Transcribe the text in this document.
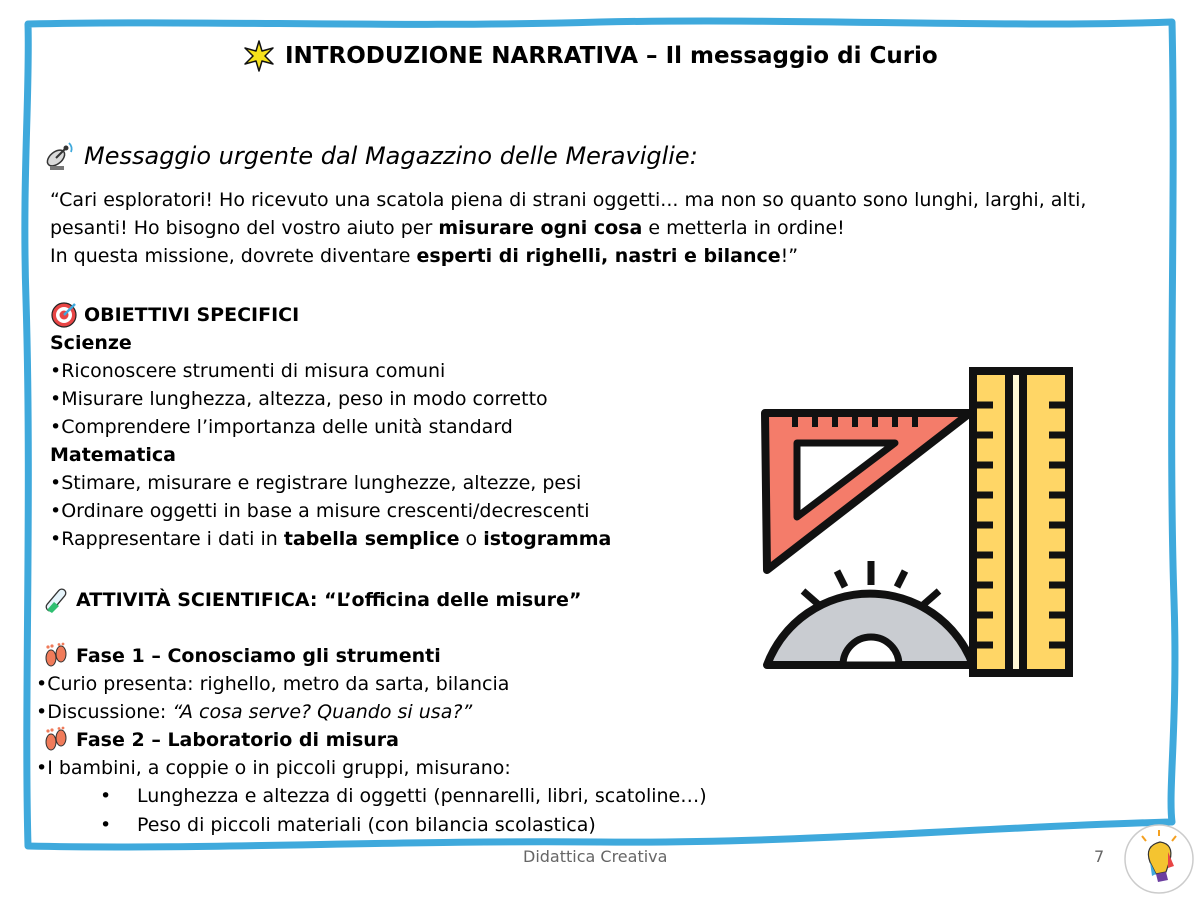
INTRODUZIONE NARRATIVA – Il messaggio di Curio
Messaggio urgente dal Magazzino delle Meraviglie:

“Cari esploratori! Ho ricevuto una scatola piena di strani oggetti... ma non so quanto sono lunghi, larghi, alti,

pesanti! Ho bisogno del vostro aiuto per misurare ogni cosa e metterla in ordine!

In questa missione, dovrete diventare esperti di righelli, nastri e bilance!”

OBIETTIVI SPECIFICI

Scienze

•Riconoscere strumenti di misura comuni

•Misurare lunghezza, altezza, peso in modo corretto

•Comprendere l’importanza delle unità standard

Matematica

•Stimare, misurare e registrare lunghezze, altezze, pesi

•Ordinare oggetti in base a misure crescenti/decrescenti

•Rappresentare i dati in tabella semplice o istogramma

ATTIVITÀ SCIENTIFICA: “L’officina delle misure”
Fase 1 – Conosciamo gli strumenti

•Curio presenta: righello, metro da sarta, bilancia

•Discussione: “A cosa serve? Quando si usa?”

Fase 2 – Laboratorio di misura
•I bambini, a coppie o in piccoli gruppi, misurano:
•	Lunghezza e altezza di oggetti (pennarelli, libri, scatoline…)
•	Peso di piccoli materiali (con bilancia scolastica)
Didattica Creativa	7
